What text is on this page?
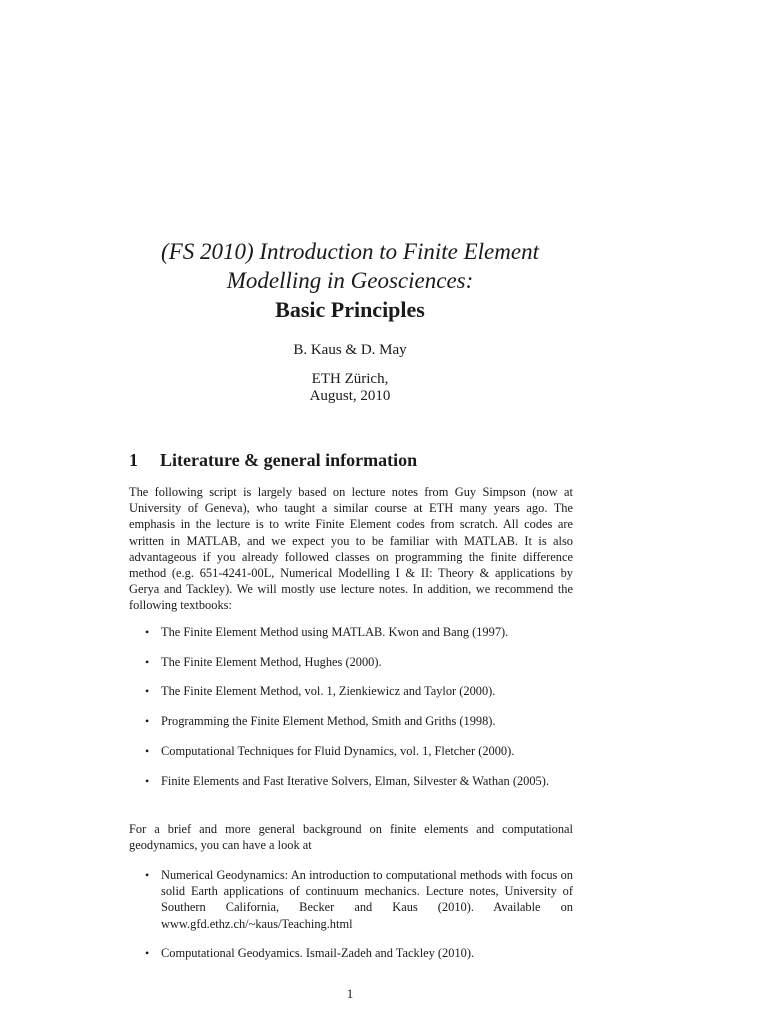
(FS 2010) Introduction to Finite Element
Modelling in Geosciences:
Basic Principles
B. Kaus & D. May
ETH Zürich,
August, 2010
1	Literature & general information

The following script is largely based on lecture notes from Guy Simpson (now at University of Geneva), who taught a similar course at ETH many years ago. The emphasis in the lecture is to write Finite Element codes from scratch. All codes are written in MATLAB, and we expect you to be familiar with MATLAB. It is also advantageous if you already followed classes on programming the finite difference method (e.g. 651-4241-00L, Numerical Modelling I & II: Theory & applications by Gerya and Tackley). We will mostly use lecture notes. In addition, we recommend the following textbooks:

• The Finite Element Method using MATLAB. Kwon and Bang (1997).
• The Finite Element Method, Hughes (2000).
• The Finite Element Method, vol. 1, Zienkiewicz and Taylor (2000).
• Programming the Finite Element Method, Smith and Griths (1998).
• Computational Techniques for Fluid Dynamics, vol. 1, Fletcher (2000).
• Finite Elements and Fast Iterative Solvers, Elman, Silvester & Wathan (2005).

For a brief and more general background on finite elements and computational geodynamics, you can have a look at

• Numerical Geodynamics: An introduction to computational methods with focus on solid Earth applications of continuum mechanics. Lecture notes, University of Southern California, Becker and Kaus (2010). Available on www.gfd.ethz.ch/~kaus/Teaching.html
• Computational Geodyamics. Ismail-Zadeh and Tackley (2010).
1
